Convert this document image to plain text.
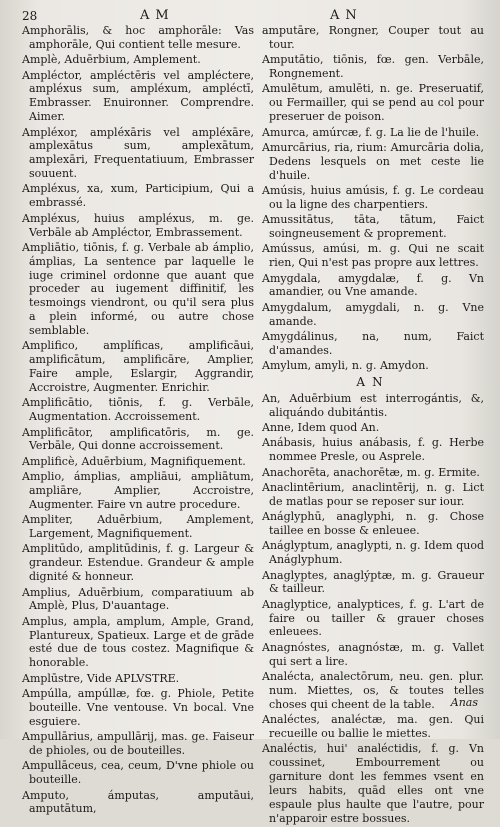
28	AM	AN

Amphorālis, & hoc amphorāle: Vas amphorāle, Qui contient telle mesure.

Amplè, Aduērbium, Amplement.

Ampléctor, ampléctēris vel ampléctere, ampléxus sum, ampléxum, ampléctī, Embrasser. Enuironner. Comprendre. Aimer.

Ampléxor, ampléxāris vel ampléxāre, amplexātus sum, amplexātum, amplexāri, Frequentatiuum, Embrasser souuent.

Ampléxus, xa, xum, Participium, Qui a embrassé.

Ampléxus, huius ampléxus, m. ge. Verbāle ab Ampléctor, Embrassement.

Ampliātio, tiōnis, f. g. Verbale ab ámplio, ámplias, La sentence par laquelle le iuge criminel ordonne que auant que proceder au iugement diffinitif, les tesmoings viendront, ou qu'il sera plus a plein informé, ou autre chose semblable.

Amplifico, amplíficas, amplificāui, amplificātum, amplificāre, Amplier, Faire ample, Eslargir, Aggrandir, Accroistre, Augmenter. Enrichir.

Amplificātio, tiōnis, f. g. Verbāle, Augmentation. Accroissement.

Amplificātor, amplificatōris, m. ge. Verbāle, Qui donne accroissement.

Amplificè, Aduērbium, Magnifiquement.

Amplio, ámplias, ampliāui, ampliātum, ampliāre, Amplier, Accroistre, Augmenter. Faire vn autre procedure.

Ampliter, Aduērbium, Amplement, Largement, Magnifiquement.

Amplitūdo, amplitūdinis, f. g. Largeur & grandeur. Estendue. Grandeur & ample dignité & honneur.

Amplius, Aduērbium, comparatiuum ab Amplè, Plus, D'auantage.

Amplus, ampla, amplum, Ample, Grand, Plantureux, Spatieux. Large et de grāde esté due de tous costez. Magnifique & honorable.

Amplūstre, Vide APLVSTRE.

Ampúlla, ampúllæ, fœ. g. Phiole, Petite bouteille. Vne ventouse. Vn bocal. Vne esguiere.

Ampullārius, ampullārij, mas. ge. Faiseur de phioles, ou de bouteilles.

Ampullāceus, cea, ceum, D'vne phiole ou bouteille.

Amputo, ámputas, amputāui, amputātum,

amputāre, Rongner, Couper tout au tour.

Amputātio, tiōnis, fœ. gen. Verbāle, Rongnement.

Amulētum, amulēti, n. ge. Preseruatif, ou Fermailler, qui se pend au col pour preseruer de poison.

Amurca, amúrcæ, f. g. La lie de l'huile.

Amurcārius, ria, rium: Amurcāria dolia, Dedens lesquels on met ceste lie d'huile.

Amúsis, huius amúsis, f. g. Le cordeau ou la ligne des charpentiers.

Amussitātus, tāta, tātum, Faict soingneusement & proprement.

Amússus, amúsi, m. g. Qui ne scait rien, Qui n'est pas propre aux lettres.

Amygdala, amygdalæ, f. g. Vn amandier, ou Vne amande.

Amygdalum, amygdali, n. g. Vne amande.

Amygdálinus, na, num, Faict d'amandes.

Amylum, amyli, n. g. Amydon.

AN

An, Aduērbium est interrogántis, &, aliquándo dubitántis.

Anne, Idem quod An.

Anábasis, huius anábasis, f. g. Herbe nommee Presle, ou Asprele.

Anachorēta, anachorētæ, m. g. Ermite.

Anaclintērium, anaclintērij, n. g. Lict de matlas pour se reposer sur iour.

Anáglyphū, anaglyphi, n. g. Chose taillee en bosse & enleuee.

Anáglyptum, anaglypti, n. g. Idem quod Anáglyphum.

Anaglyptes, anaglýptæ, m. g. Graueur & tailleur.

Anaglyptice, analyptices, f. g. L'art de faire ou tailler & grauer choses enleuees.

Anagnóstes, anagnóstæ, m. g. Vallet qui sert a lire.

Analécta, analectōrum, neu. gen. plur. num. Miettes, os, & toutes telles choses qui cheent de la table.

Analéctes, analéctæ, ma. gen. Qui recueille ou ballie le miettes.

Analéctis, hui' analéctidis, f. g. Vn coussinet, Embourrement ou garniture dont les femmes vsent en leurs habits, quād elles ont vne espaule plus haulte que l'autre, pour n'apparoir estre bossues.

Anas
